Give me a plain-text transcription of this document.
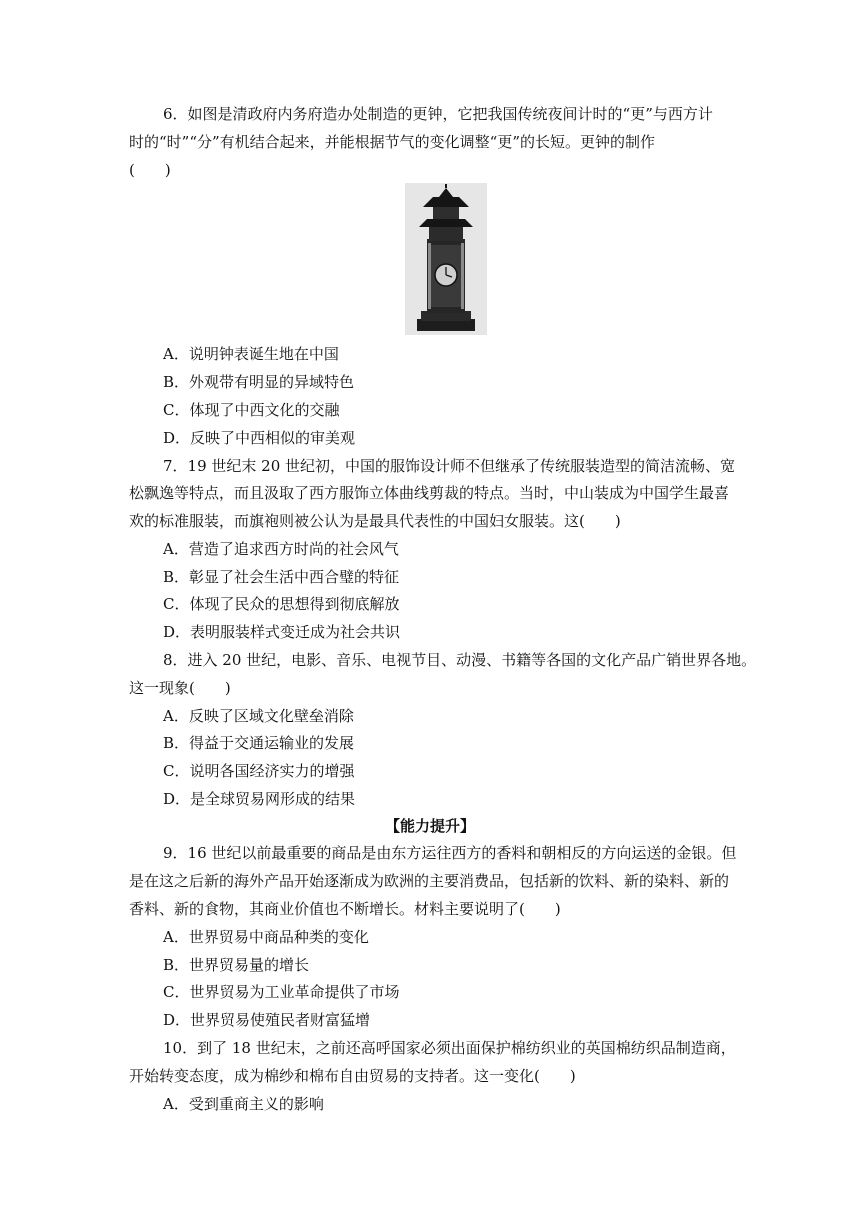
6．如图是清政府内务府造办处制造的更钟，它把我国传统夜间计时的“更”与西方计
时的“时”“分”有机结合起来，并能根据节气的变化调整“更”的长短。更钟的制作
(　　)
A．说明钟表诞生地在中国
B．外观带有明显的异域特色
C．体现了中西文化的交融
D．反映了中西相似的审美观
7．19 世纪末 20 世纪初，中国的服饰设计师不但继承了传统服装造型的简洁流畅、宽
松飘逸等特点，而且汲取了西方服饰立体曲线剪裁的特点。当时，中山装成为中国学生最喜
欢的标准服装，而旗袍则被公认为是最具代表性的中国妇女服装。这(　　)
A．营造了追求西方时尚的社会风气
B．彰显了社会生活中西合璧的特征
C．体现了民众的思想得到彻底解放
D．表明服装样式变迁成为社会共识
8．进入 20 世纪，电影、音乐、电视节目、动漫、书籍等各国的文化产品广销世界各地。
这一现象(　　)
A．反映了区域文化壁垒消除
B．得益于交通运输业的发展
C．说明各国经济实力的增强
D．是全球贸易网形成的结果
【能力提升】
9．16 世纪以前最重要的商品是由东方运往西方的香料和朝相反的方向运送的金银。但
是在这之后新的海外产品开始逐渐成为欧洲的主要消费品，包括新的饮料、新的染料、新的
香料、新的食物，其商业价值也不断增长。材料主要说明了(　　)
A．世界贸易中商品种类的变化
B．世界贸易量的增长
C．世界贸易为工业革命提供了市场
D．世界贸易使殖民者财富猛增
10．到了 18 世纪末，之前还高呼国家必须出面保护棉纺织业的英国棉纺织品制造商，
开始转变态度，成为棉纱和棉布自由贸易的支持者。这一变化(　　)
A．受到重商主义的影响
